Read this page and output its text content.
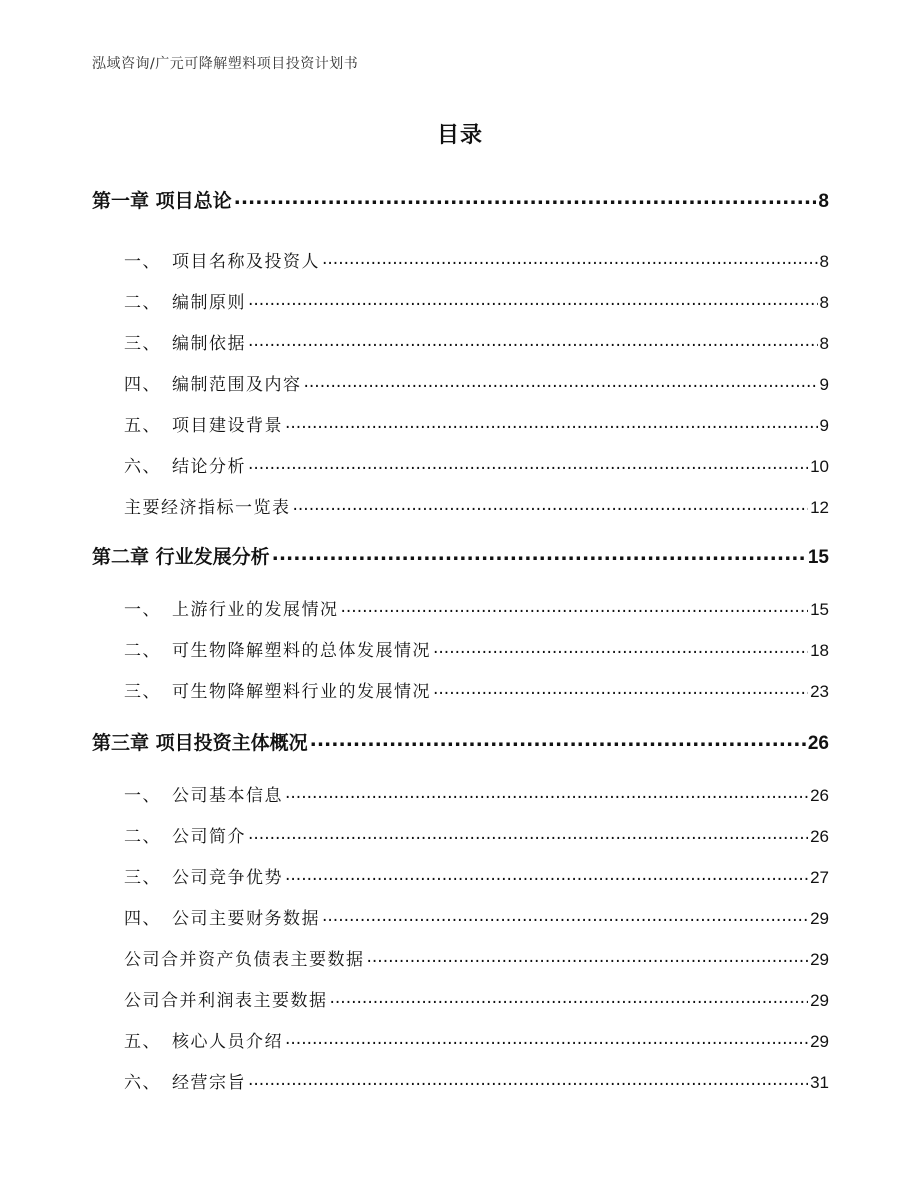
泓域咨询/广元可降解塑料项目投资计划书
目录
第一章 项目总论 .....	8
一、 项目名称及投资人 .....	8
二、 编制原则 .....	8
三、 编制依据 .....	8
四、 编制范围及内容 .....	9
五、 项目建设背景 .....	9
六、 结论分析 .....	10
主要经济指标一览表 .....	12
第二章 行业发展分析 .....	15
一、 上游行业的发展情况 .....	15
二、 可生物降解塑料的总体发展情况 .....	18
三、 可生物降解塑料行业的发展情况 .....	23
第三章 项目投资主体概况 .....	26
一、 公司基本信息 .....	26
二、 公司简介 .....	26
三、 公司竞争优势 .....	27
四、 公司主要财务数据 .....	29
公司合并资产负债表主要数据 .....	29
公司合并利润表主要数据 .....	29
五、 核心人员介绍 .....	29
六、 经营宗旨 .....	31
